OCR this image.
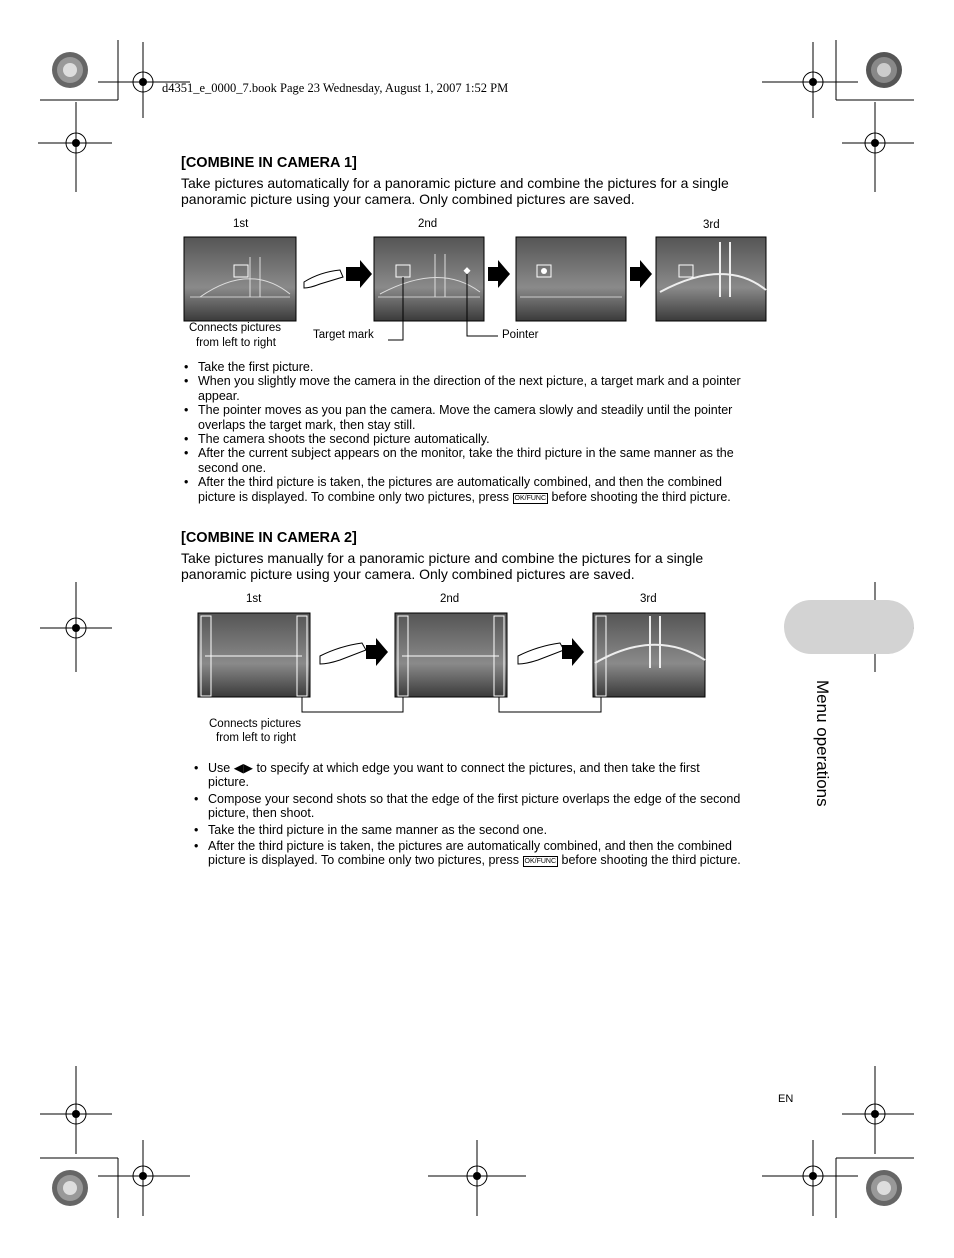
d4351_e_0000_7.book Page 23 Wednesday, August 1, 2007 1:52 PM
[COMBINE IN CAMERA 1]
Take pictures automatically for a panoramic picture and combine the pictures for a single
panoramic picture using your camera. Only combined pictures are saved.
1st	2nd	3rd
Connects pictures
from left to right
Target mark	Pointer
• Take the first picture.
• When you slightly move the camera in the direction of the next picture, a target mark and a pointer
appear.
• The pointer moves as you pan the camera. Move the camera slowly and steadily until the pointer
overlaps the target mark, then stay still.
• The camera shoots the second picture automatically.
• After the current subject appears on the monitor, take the third picture in the same manner as the
second one.
• After the third picture is taken, the pictures are automatically combined, and then the combined
picture is displayed. To combine only two pictures, press OK/FUNC before shooting the third picture.
[COMBINE IN CAMERA 2]
Take pictures manually for a panoramic picture and combine the pictures for a single
panoramic picture using your camera. Only combined pictures are saved.
1st	2nd	3rd
Connects pictures
from left to right
• Use ◀▶ to specify at which edge you want to connect the pictures, and then take the first
picture.
• Compose your second shots so that the edge of the first picture overlaps the edge of the second
picture, then shoot.
• Take the third picture in the same manner as the second one.
• After the third picture is taken, the pictures are automatically combined, and then the combined
picture is displayed. To combine only two pictures, press OK/FUNC before shooting the third picture.
Menu operations
EN
